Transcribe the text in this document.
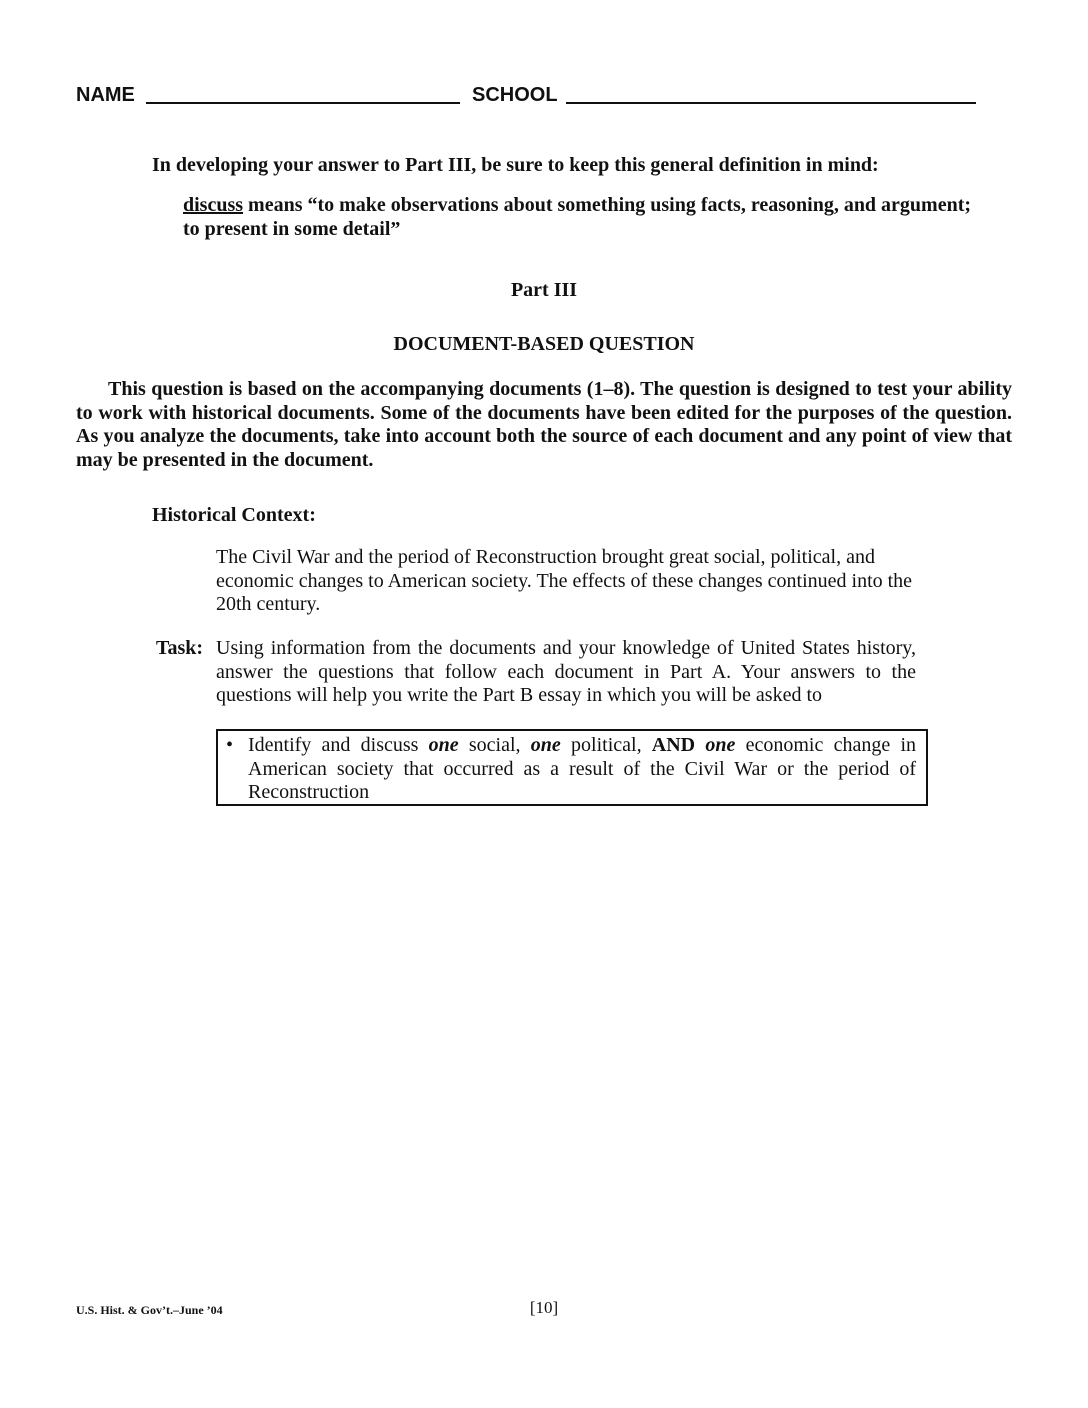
NAME	SCHOOL
In developing your answer to Part III, be sure to keep this general definition in mind:
discuss means “to make observations about something using facts, reasoning, and argument; to present in some detail”
Part III
DOCUMENT-BASED QUESTION
This question is based on the accompanying documents (1–8). The question is designed to test your ability to work with historical documents. Some of the documents have been edited for the purposes of the question. As you analyze the documents, take into account both the source of each document and any point of view that may be presented in the document.
Historical Context:
The Civil War and the period of Reconstruction brought great social, political, and economic changes to American society. The effects of these changes continued into the 20th century.
Task: Using information from the documents and your knowledge of United States history, answer the questions that follow each document in Part A. Your answers to the questions will help you write the Part B essay in which you will be asked to
• Identify and discuss one social, one political, AND one economic change in American society that occurred as a result of the Civil War or the period of Reconstruction
U.S. Hist. & Gov’t.–June ’04	[10]
